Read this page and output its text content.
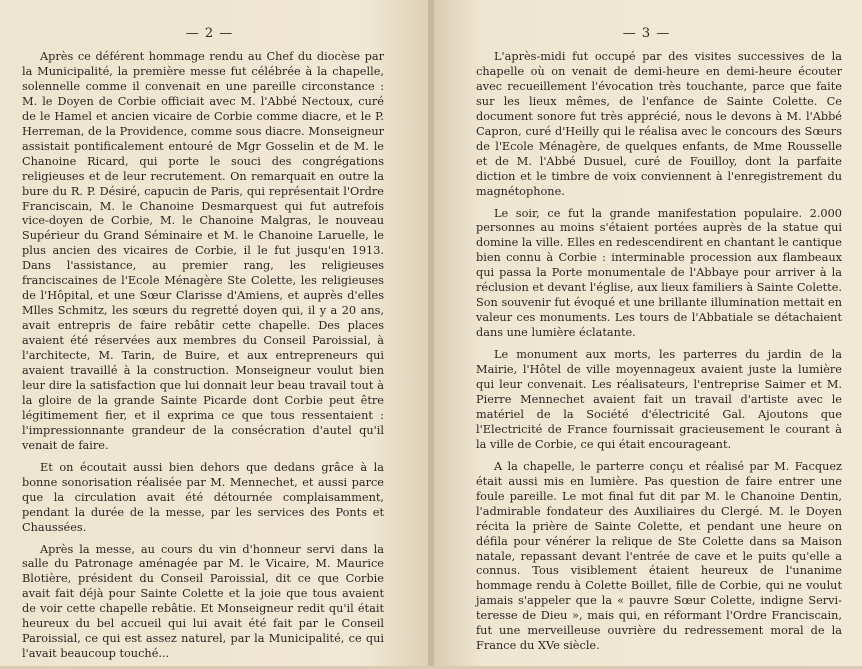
— 2 —

Après ce déférent hommage rendu au Chef du diocèse par la Municipalité, la première messe fut célébrée à la chapelle, solennelle comme il convenait en une pareille circonstance : M. le Doyen de Corbie officiait avec M. l'Abbé Nectoux, curé de le Hamel et ancien vicaire de Corbie comme diacre, et le P. Herreman, de la Providence, comme sous diacre. Monseigneur assistait pontificalement entouré de Mgr Gosselin et de M. le Chanoine Ricard, qui porte le souci des congrégations religieuses et de leur recrutement. On remarquait en outre la bure du R. P. Désiré, capucin de Paris, qui représentait l'Ordre Franciscain, M. le Chanoine Desmarquest qui fut autrefois vice-doyen de Corbie, M. le Chanoine Malgras, le nouveau Supérieur du Grand Séminaire et M. le Chanoine Laruelle, le plus ancien des vicaires de Corbie, il le fut jusqu'en 1913. Dans l'assistance, au premier rang, les religieuses franciscaines de l'Ecole Ménagère Ste Colette, les religieuses de l'Hôpital, et une Sœur Clarisse d'Amiens, et auprès d'elles Mlles Schmitz, les sœurs du regretté doyen qui, il y a 20 ans, avait entrepris de faire rebâtir cette chapelle. Des places avaient été réservées aux membres du Conseil Paroissial, à l'architecte, M. Tarin, de Buire, et aux entrepreneurs qui avaient travaillé à la construction. Monseigneur voulut bien leur dire la satisfaction que lui donnait leur beau travail tout à la gloire de la grande Sainte Picarde dont Corbie peut être légitimement fier, et il exprima ce que tous ressentaient : l'impressionnante grandeur de la consécration d'autel qu'il venait de faire.

Et on écoutait aussi bien dehors que dedans grâce à la bonne sonorisation réalisée par M. Mennechet, et aussi parce que la circulation avait été détournée complaisamment, pendant la durée de la messe, par les services des Ponts et Chaussées.

Après la messe, au cours du vin d'honneur servi dans la salle du Patronage aménagée par M. le Vicaire, M. Maurice Blotière, président du Conseil Paroissial, dit ce que Corbie avait fait déjà pour Sainte Colette et la joie que tous avaient de voir cette chapelle rebâtie. Et Monseigneur redit qu'il était heureux du bel accueil qui lui avait été fait par le Conseil Paroissial, ce qui est assez naturel, par la Municipalité, ce qui l'avait beaucoup touché...

— 3 —

L'après-midi fut occupé par des visites successives de la chapelle où on venait de demi-heure en demi-heure écouter avec recueillement l'évocation très touchante, parce que faite sur les lieux mêmes, de l'enfance de Sainte Colette. Ce document sonore fut très apprécié, nous le devons à M. l'Abbé Capron, curé d'Heilly qui le réalisa avec le concours des Sœurs de l'Ecole Ménagère, de quelques enfants, de Mme Rousselle et de M. l'Abbé Dusuel, curé de Fouilloy, dont la parfaite diction et le timbre de voix conviennent à l'enregistrement du magnétophone.

Le soir, ce fut la grande manifestation populaire. 2.000 personnes au moins s'étaient portées auprès de la statue qui domine la ville. Elles en redescendirent en chantant le cantique bien connu à Corbie : interminable procession aux flambeaux qui passa la Porte monumentale de l'Abbaye pour arriver à la réclusion et devant l'église, aux lieux familiers à Sainte Colette. Son souvenir fut évoqué et une brillante illumination mettait en valeur ces monuments. Les tours de l'Abbatiale se détachaient dans une lumière éclatante.

Le monument aux morts, les parterres du jardin de la Mairie, l'Hôtel de ville moyennageux avaient juste la lumière qui leur convenait. Les réalisateurs, l'entreprise Saimer et M. Pierre Mennechet avaient fait un travail d'artiste avec le matériel de la Société d'électricité Gal. Ajoutons que l'Electricité de France fournissait gracieusement le courant à la ville de Corbie, ce qui était encourageant.

A la chapelle, le parterre conçu et réalisé par M. Facquez était aussi mis en lumière. Pas question de faire entrer une foule pareille. Le mot final fut dit par M. le Chanoine Dentin, l'admirable fondateur des Auxiliaires du Clergé. M. le Doyen récita la prière de Sainte Colette, et pendant une heure on défila pour vénérer la relique de Ste Colette dans sa Maison natale, repassant devant l'entrée de cave et le puits qu'elle a connus. Tous visiblement étaient heureux de l'unanime hommage rendu à Colette Boillet, fille de Corbie, qui ne voulut jamais s'appeler que la « pauvre Sœur Colette, indigne Serviteresse de Dieu », mais qui, en réformant l'Ordre Franciscain, fut une merveilleuse ouvrière du redressement moral de la France du XVe siècle.
